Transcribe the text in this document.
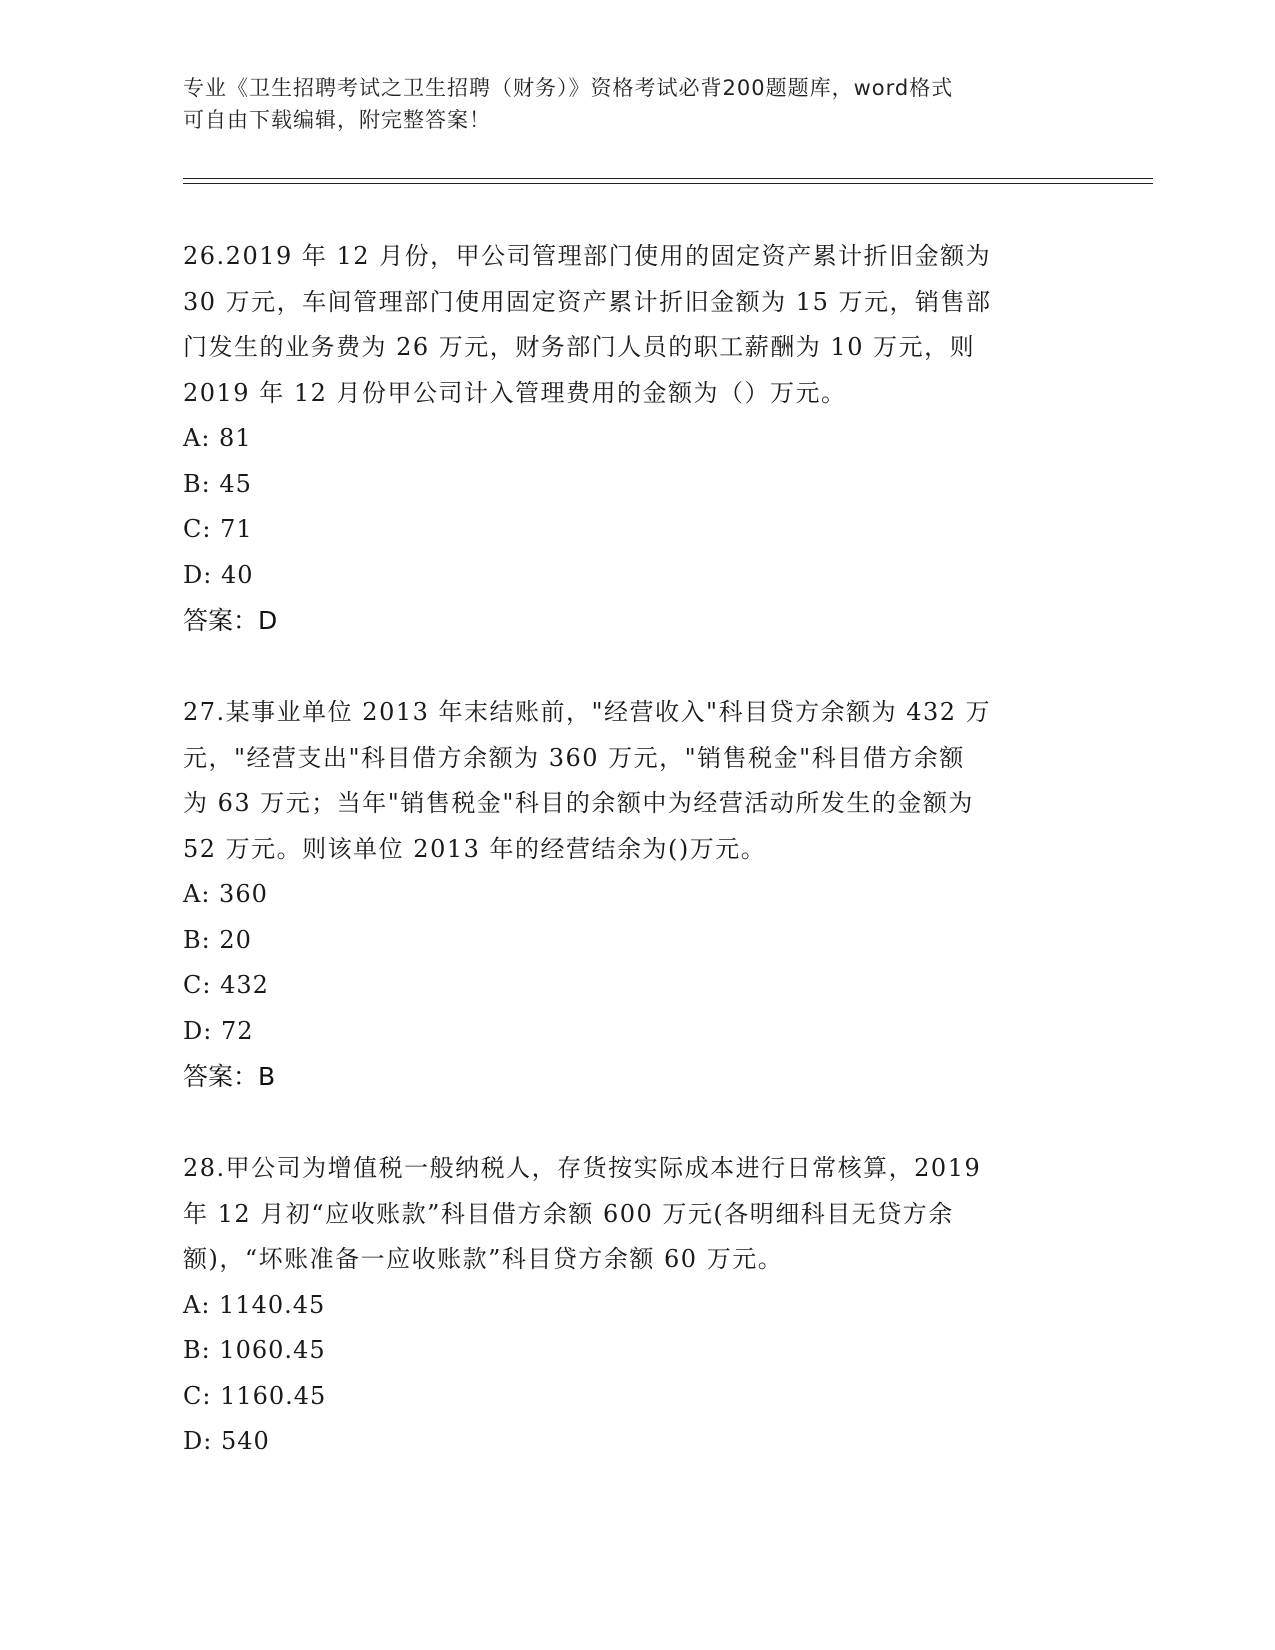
专业《卫生招聘考试之卫生招聘（财务）》资格考试必背200题题库，word格式
可自由下载编辑，附完整答案！

26.2019 年 12 月份，甲公司管理部门使用的固定资产累计折旧金额为

30 万元，车间管理部门使用固定资产累计折旧金额为 15 万元，销售部

门发生的业务费为 26 万元，财务部门人员的职工薪酬为 10 万元，则

2019 年 12 月份甲公司计入管理费用的金额为（）万元。

A: 81

B: 45

C: 71

D: 40

答案：D

27.某事业单位 2013 年末结账前，"经营收入"科目贷方余额为 432 万

元，"经营支出"科目借方余额为 360 万元，"销售税金"科目借方余额

为 63 万元；当年"销售税金"科目的余额中为经营活动所发生的金额为

52 万元。则该单位 2013 年的经营结余为()万元。

A: 360

B: 20

C: 432

D: 72

答案：B

28.甲公司为增值税一般纳税人，存货按实际成本进行日常核算，2019

年 12 月初“应收账款”科目借方余额 600 万元(各明细科目无贷方余

额)，“坏账准备一应收账款”科目贷方余额 60 万元。

A: 1140.45

B: 1060.45

C: 1160.45

D: 540
